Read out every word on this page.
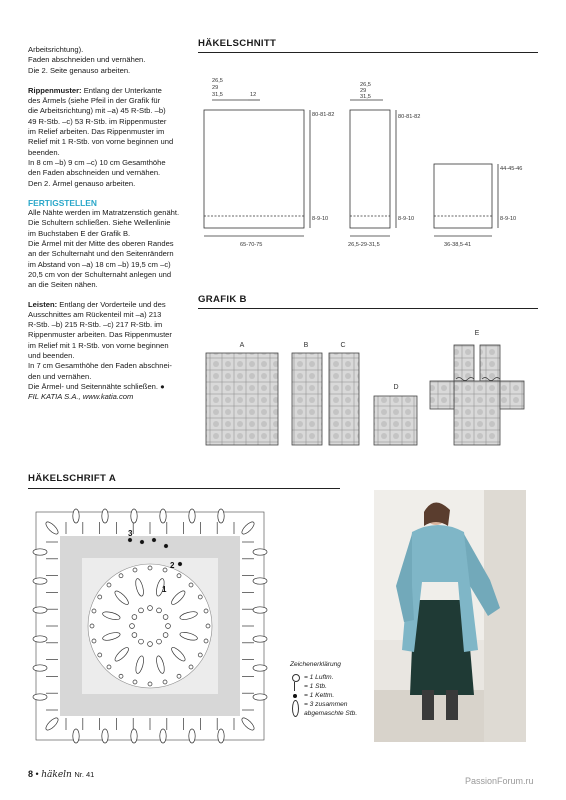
Arbeitsrichtung).

Faden abschneiden und vernähen.

Die 2. Seite genauso arbeiten.

Rippenmuster: Entlang der Unterkante

des Ärmels (siehe Pfeil in der Grafik für

die Arbeitsrichtung) mit –a) 45 R-Stb. –b)

49 R-Stb. –c) 53 R-Stb. im Rippenmuster

im Relief arbeiten. Das Rippenmuster im

Relief mit 1 R-Stb. von vorne beginnen und

beenden.

In 8 cm –b) 9 cm –c) 10 cm Gesamthöhe

den Faden abschneiden und vernähen.

Den 2. Ärmel genauso arbeiten.

FERTIGSTELLEN

Alle Nähte werden im Matratzenstich genäht.

Die Schultern schließen. Siehe Wellenlinie

im Buchstaben E der Grafik B.

Die Ärmel mit der Mitte des oberen Randes

an der Schulternaht und den Seitenrändern

im Abstand von –a) 18 cm –b) 19,5 cm –c)

20,5 cm von der Schulternaht anlegen und

an die Seiten nähen.

Leisten: Entlang der Vorderteile und des

Ausschnittes am Rückenteil mit –a) 213

R-Stb. –b) 215 R-Stb. –c) 217 R-Stb. im

Rippenmuster arbeiten. Das Rippenmuster

im Relief mit 1 R-Stb. von vorne beginnen

und beenden.

In 7 cm Gesamthöhe den Faden abschnei-

den und vernähen.

Die Ärmel- und Seitennähte schließen. ●

FIL KATIA S.A., www.katia.com

HÄKELSCHNITT
26,5
29
31,5	12
80-81-82
8-9-10
65-70-75
26,5
29
31,5
80-81-82
8-9-10
26,5-29-31,5
44-45-46
8-9-10
36-38,5-41
GRAFIK B
A	B	C
D
E
HÄKELSCHRIFT A
3
2
1
Zeichenerklärung
= 1 Luftm.
= 1 Stb.
= 1 Kettm.
= 3 zusammen
abgemaschte Stb.
8 • häkeln Nr. 41
PassionForum.ru
